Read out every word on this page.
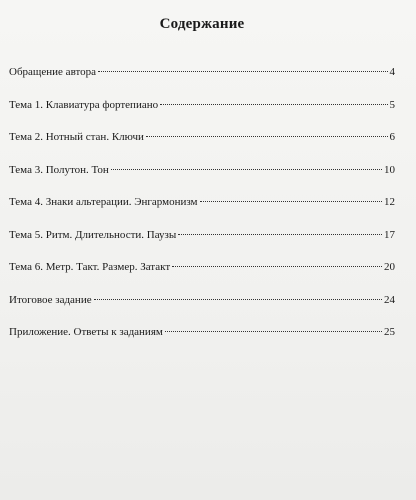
Содержание
Обращение автора	4
Тема 1. Клавиатура фортепиано	5
Тема 2. Нотный стан. Ключи	6
Тема 3. Полутон. Тон	10
Тема 4. Знаки альтерации. Энгармонизм	12
Тема 5. Ритм. Длительности. Паузы	17
Тема 6. Метр. Такт. Размер. Затакт	20
Итоговое задание	24
Приложение. Ответы к заданиям	25
